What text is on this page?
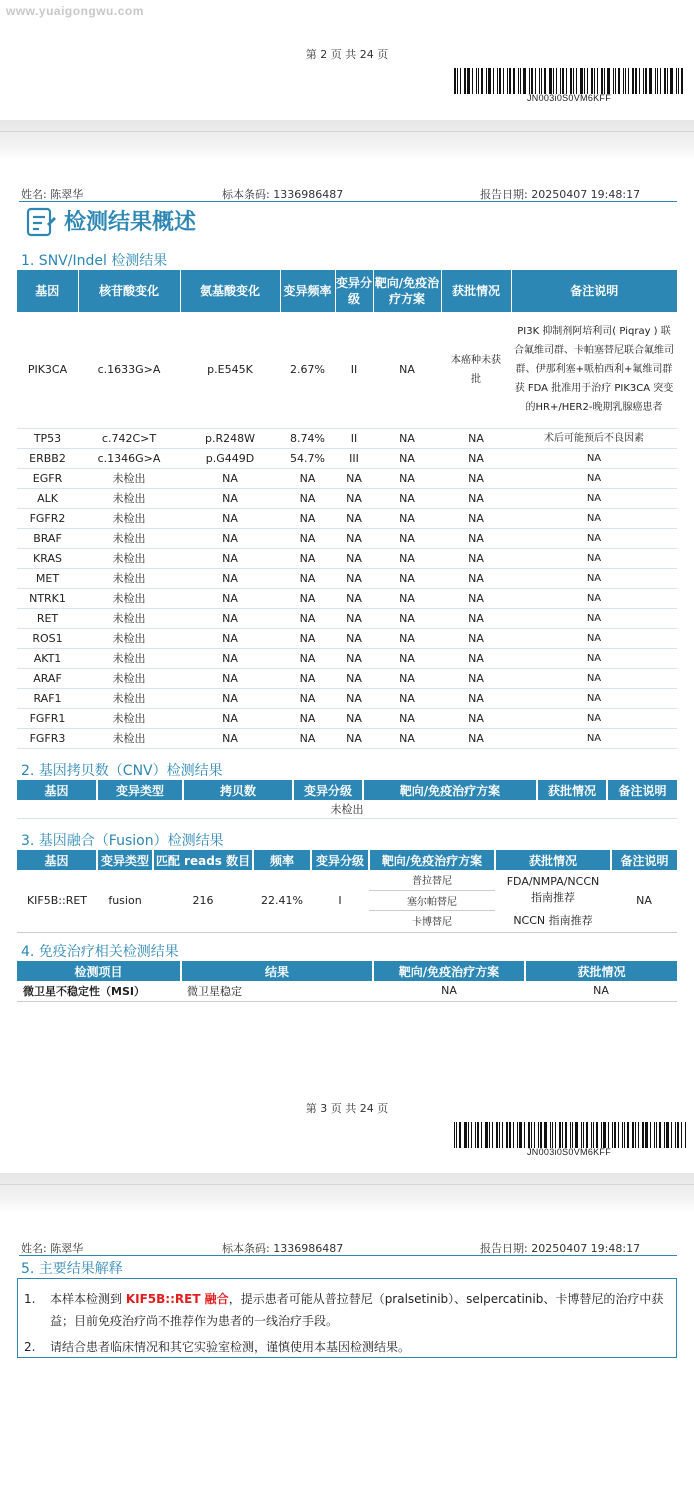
www.yuaigongwu.com
第 2 页 共 24 页
JN003i0S0VM6KFF
姓名: 陈翠华	标本条码: 1336986487	报告日期: 20250407 19:48:17
检测结果概述
1. SNV/Indel 检测结果
基因	核苷酸变化	氨基酸变化	变异频率	变异分级	靶向/免疫治疗方案	获批情况	备注说明
PIK3CA	c.1633G>A	p.E545K	2.67%	II	NA	本癌种未获批	PI3K 抑制剂阿培利司( Piqray ) 联合氟维司群、卡帕塞替尼联合氟维司群、伊那利塞+哌柏西利+氟维司群获 FDA 批准用于治疗 PIK3CA 突变的HR+/HER2-晚期乳腺癌患者
TP53	c.742C>T	p.R248W	8.74%	II	NA	NA	术后可能预后不良因素
ERBB2	c.1346G>A	p.G449D	54.7%	III	NA	NA	NA
EGFR	未检出	NA	NA	NA	NA	NA	NA
ALK	未检出	NA	NA	NA	NA	NA	NA
FGFR2	未检出	NA	NA	NA	NA	NA	NA
BRAF	未检出	NA	NA	NA	NA	NA	NA
KRAS	未检出	NA	NA	NA	NA	NA	NA
MET	未检出	NA	NA	NA	NA	NA	NA
NTRK1	未检出	NA	NA	NA	NA	NA	NA
RET	未检出	NA	NA	NA	NA	NA	NA
ROS1	未检出	NA	NA	NA	NA	NA	NA
AKT1	未检出	NA	NA	NA	NA	NA	NA
ARAF	未检出	NA	NA	NA	NA	NA	NA
RAF1	未检出	NA	NA	NA	NA	NA	NA
FGFR1	未检出	NA	NA	NA	NA	NA	NA
FGFR3	未检出	NA	NA	NA	NA	NA	NA
2. 基因拷贝数（CNV）检测结果
基因	变异类型	拷贝数	变异分级	靶向/免疫治疗方案	获批情况	备注说明
未检出
3. 基因融合（Fusion）检测结果
基因	变异类型	匹配 reads 数目	频率	变异分级	靶向/免疫治疗方案	获批情况	备注说明
KIF5B::RET	fusion	216	22.41%	I	普拉替尼	FDA/NMPA/NCCN 指南推荐	NA
					塞尔帕替尼		
					卡博替尼	NCCN 指南推荐	
4. 免疫治疗相关检测结果
检测项目	结果	靶向/免疫治疗方案	获批情况
微卫星不稳定性（MSI）	微卫星稳定	NA	NA
第 3 页 共 24 页
JN003i0S0VM6KFF
姓名: 陈翠华	标本条码: 1336986487	报告日期: 20250407 19:48:17
5. 主要结果解释
1. 本样本检测到 KIF5B::RET 融合，提示患者可能从普拉替尼（pralsetinib）、selpercatinib、卡博替尼的治疗中获益；目前免疫治疗尚不推荐作为患者的一线治疗手段。
2. 请结合患者临床情况和其它实验室检测，谨慎使用本基因检测结果。
